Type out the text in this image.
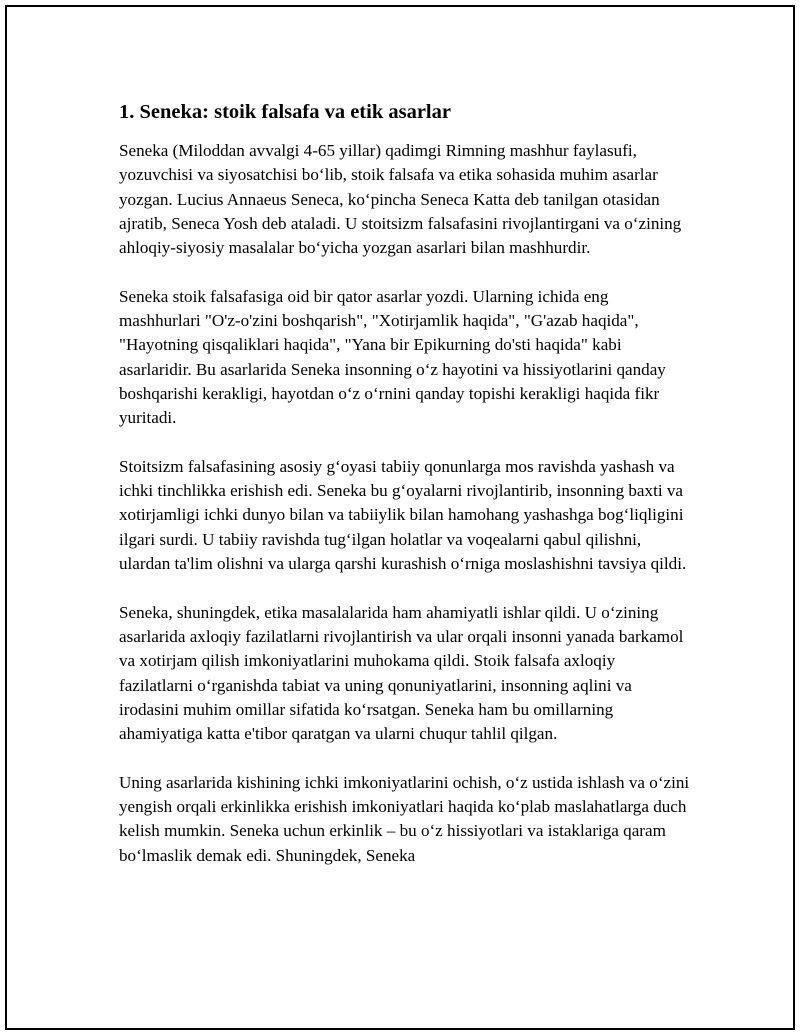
1. Seneka: stoik falsafa va etik asarlar

Seneka (Miloddan avvalgi 4-65 yillar) qadimgi Rimning mashhur faylasufi, yozuvchisi va siyosatchisi bo‘lib, stoik falsafa va etika sohasida muhim asarlar yozgan. Lucius Annaeus Seneca, ko‘pincha Seneca Katta deb tanilgan otasidan ajratib, Seneca Yosh deb ataladi. U stoitsizm falsafasini rivojlantirgani va o‘zining ahloqiy-siyosiy masalalar bo‘yicha yozgan asarlari bilan mashhurdir.

Seneka stoik falsafasiga oid bir qator asarlar yozdi. Ularning ichida eng mashhurlari "O'z-o'zini boshqarish", "Xotirjamlik haqida", "G'azab haqida", "Hayotning qisqaliklari haqida", "Yana bir Epikurning do'sti haqida" kabi asarlaridir. Bu asarlarida Seneka insonning o‘z hayotini va hissiyotlarini qanday boshqarishi kerakligi, hayotdan o‘z o‘rnini qanday topishi kerakligi haqida fikr yuritadi.

Stoitsizm falsafasining asosiy g‘oyasi tabiiy qonunlarga mos ravishda yashash va ichki tinchlikka erishish edi. Seneka bu g‘oyalarni rivojlantirib, insonning baxti va xotirjamligi ichki dunyo bilan va tabiiylik bilan hamohang yashashga bog‘liqligini ilgari surdi. U tabiiy ravishda tug‘ilgan holatlar va voqealarni qabul qilishni, ulardan ta'lim olishni va ularga qarshi kurashish o‘rniga moslashishni tavsiya qildi.

Seneka, shuningdek, etika masalalarida ham ahamiyatli ishlar qildi. U o‘zining asarlarida axloqiy fazilatlarni rivojlantirish va ular orqali insonni yanada barkamol va xotirjam qilish imkoniyatlarini muhokama qildi. Stoik falsafa axloqiy fazilatlarni o‘rganishda tabiat va uning qonuniyatlarini, insonning aqlini va irodasini muhim omillar sifatida ko‘rsatgan. Seneka ham bu omillarning ahamiyatiga katta e'tibor qaratgan va ularni chuqur tahlil qilgan.

Uning asarlarida kishining ichki imkoniyatlarini ochish, o‘z ustida ishlash va o‘zini yengish orqali erkinlikka erishish imkoniyatlari haqida ko‘plab maslahatlarga duch kelish mumkin. Seneka uchun erkinlik – bu o‘z hissiyotlari va istaklariga qaram bo‘lmaslik demak edi. Shuningdek, Seneka
